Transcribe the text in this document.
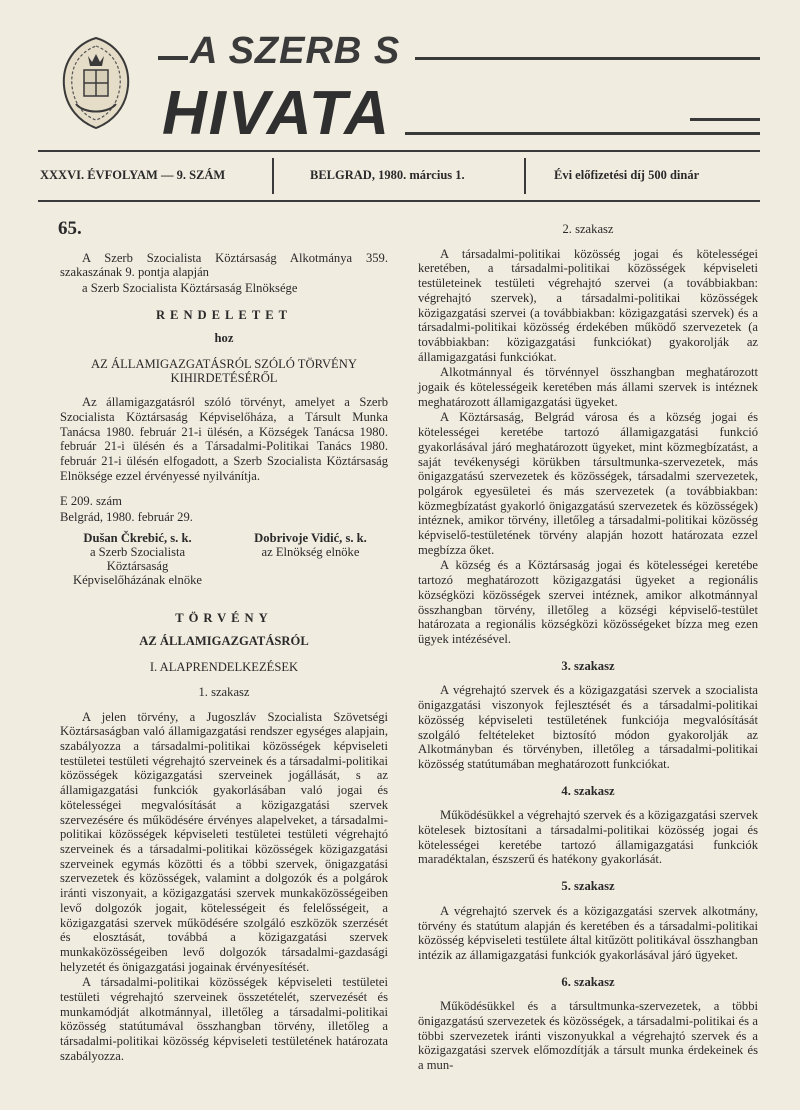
A SZERB S
HIVATA
XXXVI. ÉVFOLYAM — 9. SZÁM	BELGRAD, 1980. március 1.	Évi előfizetési díj 500 dinár
65.

A Szerb Szocialista Köztársaság Alkotmánya 359. szakaszának 9. pontja alapján

a Szerb Szocialista Köztársaság Elnöksége

RENDELETET
hoz
AZ ÁLLAMIGAZGATÁSRÓL SZÓLÓ TÖRVÉNY KIHIRDETÉSÉRŐL

Az államigazgatásról szóló törvényt, amelyet a Szerb Szocialista Köztársaság Képviselőháza, a Társult Munka Tanácsa 1980. február 21-i ülésén, a Községek Tanácsa 1980. február 21-i ülésén és a Társadalmi-Politikai Tanács 1980. február 21-i ülésén elfogadott, a Szerb Szocialista Köztársaság Elnöksége ezzel érvényessé nyilvánítja.

E 209. szám

Belgrád, 1980. február 29.

Dušan Čkrebić, s. k.
a Szerb Szocialista Köztársaság Képviselőházának elnöke
Dobrivoje Vidić, s. k.
az Elnökség elnöke
TÖRVÉNY
AZ ÁLLAMIGAZGATÁSRÓL
I. ALAPRENDELKEZÉSEK
1. szakasz

A jelen törvény, a Jugoszláv Szocialista Szövetségi Köztársaságban való államigazgatási rendszer egységes alapjain, szabályozza a társadalmi-politikai közösségek képviseleti testületei testületi végrehajtó szerveinek és a társadalmi-politikai közösségek közigazgatási szerveinek jogállását, s az államigazgatási funkciók gyakorlásában való jogai és kötelességei megvalósítását a közigazgatási szervek szervezésére és működésére érvényes alapelveket, a társadalmi-politikai közösségek képviseleti testületei testületi végrehajtó szerveinek és a társadalmi-politikai közösségek közigazgatási szerveinek egymás közötti és a többi szervek, önigazgatási szervezetek és közösségek, valamint a dolgozók és a polgárok iránti viszonyait, a közigazgatási szervek munkaközösségeiben levő dolgozók jogait, kötelességeit és felelősségeit, a közigazgatási szervek működésére szolgáló eszközök szerzését és elosztását, továbbá a közigazgatási szervek munkaközösségeiben levő dolgozók társadalmi-gazdasági helyzetét és önigazgatási jogainak érvényesítését.

A társadalmi-politikai közösségek képviseleti testületei testületi végrehajtó szerveinek összetételét, szervezését és munkamódját alkotmánnyal, illetőleg a társadalmi-politikai közösség statútumával összhangban törvény, illetőleg a társadalmi-politikai közösség képviseleti testületének határozata szabályozza.

2. szakasz

A társadalmi-politikai közösség jogai és kötelességei keretében, a társadalmi-politikai közösségek képviseleti testületeinek testületi végrehajtó szervei (a továbbiakban: végrehajtó szervek), a társadalmi-politikai közösségek közigazgatási szervei (a továbbiakban: közigazgatási szervek) és a társadalmi-politikai közösség érdekében működő szervezetek (a továbbiakban: közigazgatási funkciókat) gyakorolják az államigazgatási funkciókat.

Alkotmánnyal és törvénnyel összhangban meghatározott jogaik és kötelességeik keretében más állami szervek is intéznek meghatározott államigazgatási ügyeket.

A Köztársaság, Belgrád városa és a község jogai és kötelességei keretébe tartozó államigazgatási funkció gyakorlásával járó meghatározott ügyeket, mint közmegbízatást, a saját tevékenységi körükben társultmunka-szervezetek, más önigazgatású szervezetek és közösségek, társadalmi szervezetek, polgárok egyesületei és más szervezetek (a továbbiakban: közmegbízatást gyakorló önigazgatású szervezetek és közösségek) intéznek, amikor törvény, illetőleg a társadalmi-politikai közösség képviselő-testületének törvény alapján hozott határozata ezzel megbízza őket.

A község és a Köztársaság jogai és kötelességei keretébe tartozó meghatározott közigazgatási ügyeket a regionális községközi közösségek szervei intéznek, amikor alkotmánnyal összhangban törvény, illetőleg a községi képviselő-testület határozata a regionális községközi közösségeket bízza meg ezen ügyek intézésével.

3. szakasz

A végrehajtó szervek és a közigazgatási szervek a szocialista önigazgatási viszonyok fejlesztését és a társadalmi-politikai közösség képviseleti testületének funkciója megvalósítását szolgáló feltételeket biztosító módon gyakorolják az Alkotmányban és törvényben, illetőleg a társadalmi-politikai közösség statútumában meghatározott funkciókat.

4. szakasz

Működésükkel a végrehajtó szervek és a közigazgatási szervek kötelesek biztosítani a társadalmi-politikai közösség jogai és kötelességei keretébe tartozó államigazgatási funkciók maradéktalan, észszerű és hatékony gyakorlását.

5. szakasz

A végrehajtó szervek és a közigazgatási szervek alkotmány, törvény és statútum alapján és keretében és a társadalmi-politikai közösség képviseleti testülete által kitűzött politikával összhangban intézik az államigazgatási funkciók gyakorlásával járó ügyeket.

6. szakasz

Működésükkel és a társultmunka-szervezetek, a többi önigazgatású szervezetek és közösségek, a társadalmi-politikai és a többi szervezetek iránti viszonyukkal a végrehajtó szervek és a közigazgatási szervek előmozdítják a társult munka érdekeinek és a mun-
